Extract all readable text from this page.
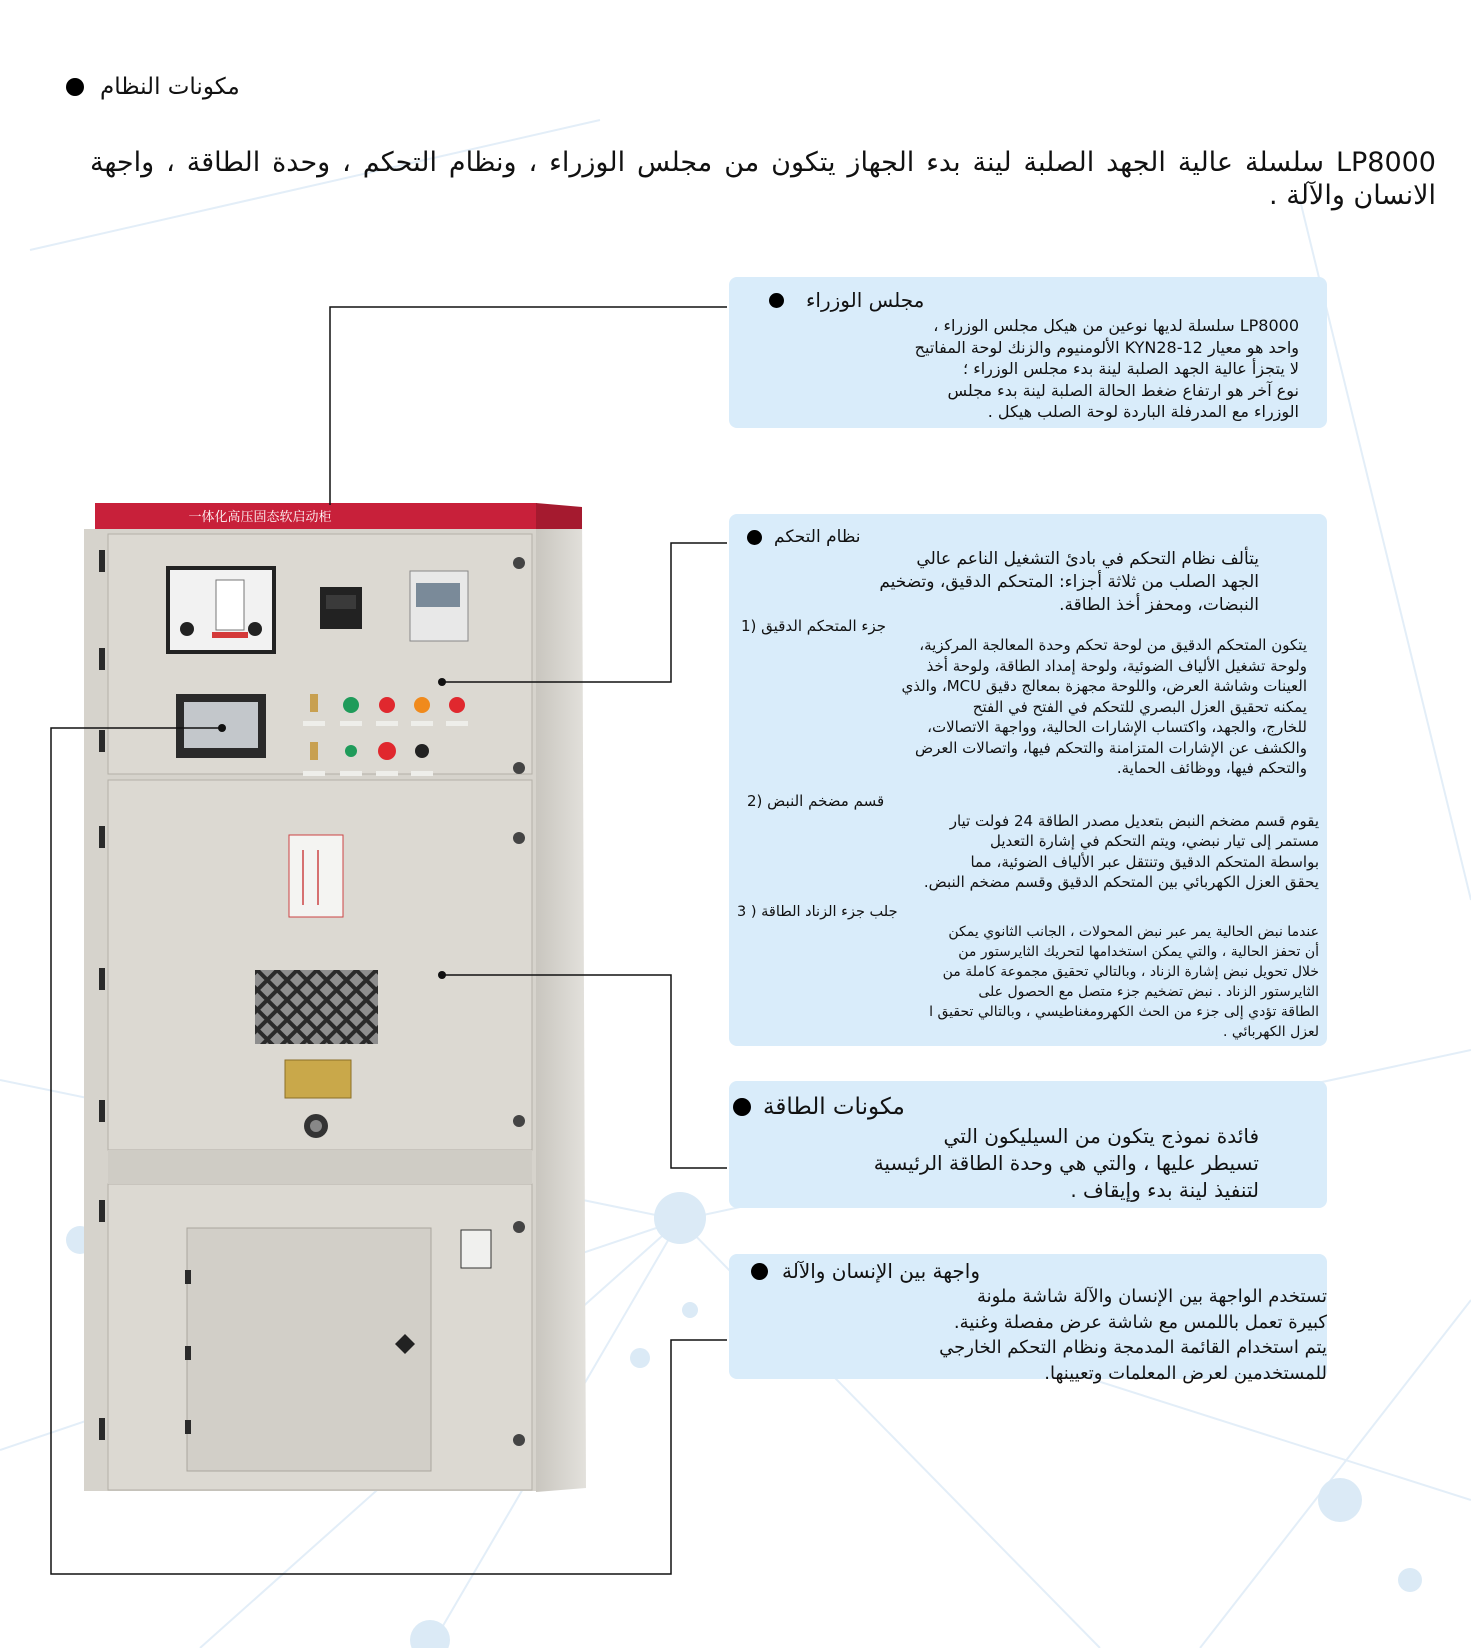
مكونات النظام
LP8000 سلسلة عالية الجهد الصلبة لينة بدء الجهاز يتكون من مجلس الوزراء ، ونظام التحكم ، وحدة الطاقة ، واجهة الانسان والآلة .
مجلس الوزراء
LP8000 سلسلة لديها نوعين من هيكل مجلس الوزراء ،
واحد هو معيار KYN28-12 الألومنيوم والزنك لوحة المفاتيح
لا يتجزأ عالية الجهد الصلبة لينة بدء مجلس الوزراء ؛
نوع آخر هو ارتفاع ضغط الحالة الصلبة لينة بدء مجلس
الوزراء مع المدرفلة الباردة لوحة الصلب هيكل .
نظام التحكم
يتألف نظام التحكم في بادئ التشغيل الناعم عالي
الجهد الصلب من ثلاثة أجزاء: المتحكم الدقيق، وتضخيم
النبضات، ومحفز أخذ الطاقة.
1) جزء المتحكم الدقيق
يتكون المتحكم الدقيق من لوحة تحكم وحدة المعالجة المركزية،
ولوحة تشغيل الألياف الضوئية، ولوحة إمداد الطاقة، ولوحة أخذ
العينات وشاشة العرض، واللوحة مجهزة بمعالج دقيق MCU، والذي
يمكنه تحقيق العزل البصري للتحكم في الفتح في الفتح
للخارج، والجهد، واكتساب الإشارات الحالية، وواجهة الاتصالات،
والكشف عن الإشارات المتزامنة والتحكم فيها، واتصالات العرض
والتحكم فيها، ووظائف الحماية.
2) قسم مضخم النبض
يقوم قسم مضخم النبض بتعديل مصدر الطاقة 24 فولت تيار
مستمر إلى تيار نبضي، ويتم التحكم في إشارة التعديل
بواسطة المتحكم الدقيق وتنتقل عبر الألياف الضوئية، مما
يحقق العزل الكهربائي بين المتحكم الدقيق وقسم مضخم النبض.
3 ) جلب جزء الزناد الطاقة
عندما نبض الحالية يمر عبر نبض المحولات ، الجانب الثانوي يمكن
أن تحفز الحالية ، والتي يمكن استخدامها لتحريك الثايرستور من
خلال تحويل نبض إشارة الزناد ، وبالتالي تحقيق مجموعة كاملة من
الثايرستور الزناد . نبض تضخيم جزء متصل مع الحصول على
الطاقة تؤدي إلى جزء من الحث الكهرومغناطيسي ، وبالتالي تحقيق ا
لعزل الكهربائي .
مكونات الطاقة
فائدة نموذج يتكون من السيليكون التي
تسيطر عليها ، والتي هي وحدة الطاقة الرئيسية
لتنفيذ لينة بدء وإيقاف .
واجهة بين الإنسان والآلة
تستخدم الواجهة بين الإنسان والآلة شاشة ملونة
كبيرة تعمل باللمس مع شاشة عرض مفصلة وغنية.
يتم استخدام القائمة المدمجة ونظام التحكم الخارجي
للمستخدمين لعرض المعلمات وتعيينها.
一体化高压固态软启动柜
